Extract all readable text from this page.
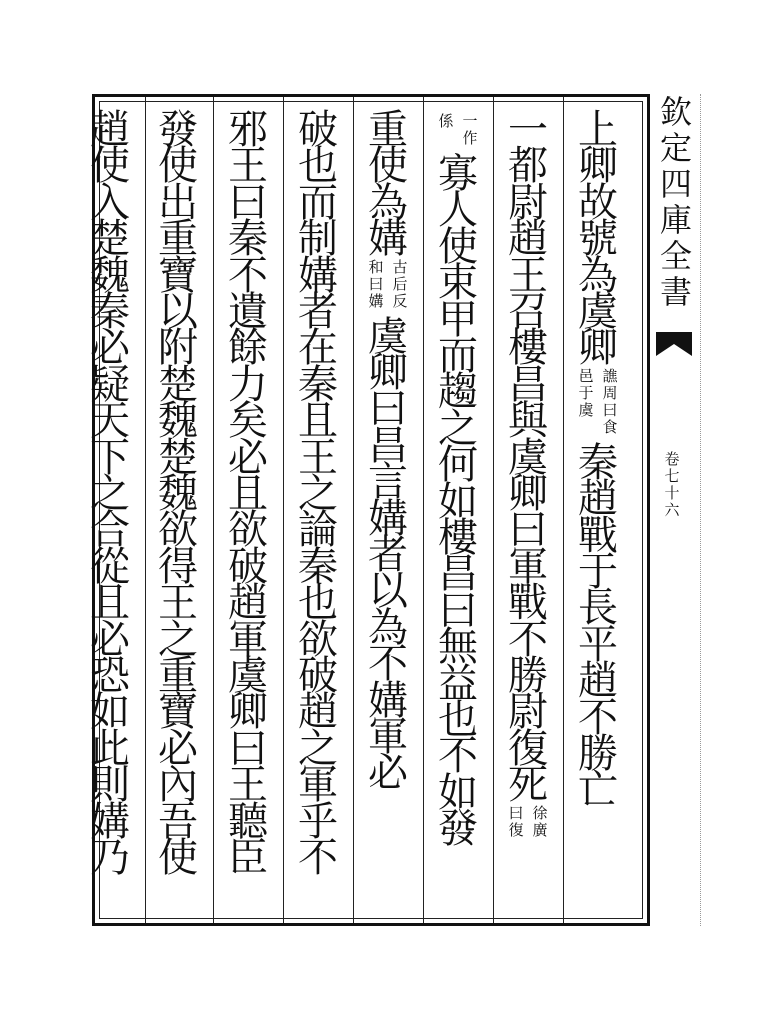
上
卿
故
號
為
虞
卿
譙
周
曰
食
邑
于
虞
秦
趙
戰
于
長
平
趙
不
勝
亡
一
都
尉
趙
王
召
樓
昌
與
虞
卿
曰
軍
戰
不
勝
尉
復
死
徐
廣
曰
復
一
作
係
寡
人
使
束
甲
而
趨
之
何
如
樓
昌
曰
無
益
也
不
如
發
重
使
為
媾
古
后
反
和
曰
媾
虞
卿
曰
昌
言
媾
者
以
為
不
媾
軍
必
破
也
而
制
媾
者
在
秦
且
王
之
論
秦
也
欲
破
趙
之
軍
乎
不
邪
王
曰
秦
不
遺
餘
力
矣
必
且
欲
破
趙
軍
虞
卿
曰
王
聽
臣
發
使
出
重
寶
以
附
楚
魏
楚
魏
欲
得
王
之
重
寶
必
內
吾
使
趙
使
入
楚
魏
秦
必
疑
天
下
之
合
從
且
必
恐
如
此
則
媾
乃
欽
定
四
庫
全
書
卷
七
十
六
